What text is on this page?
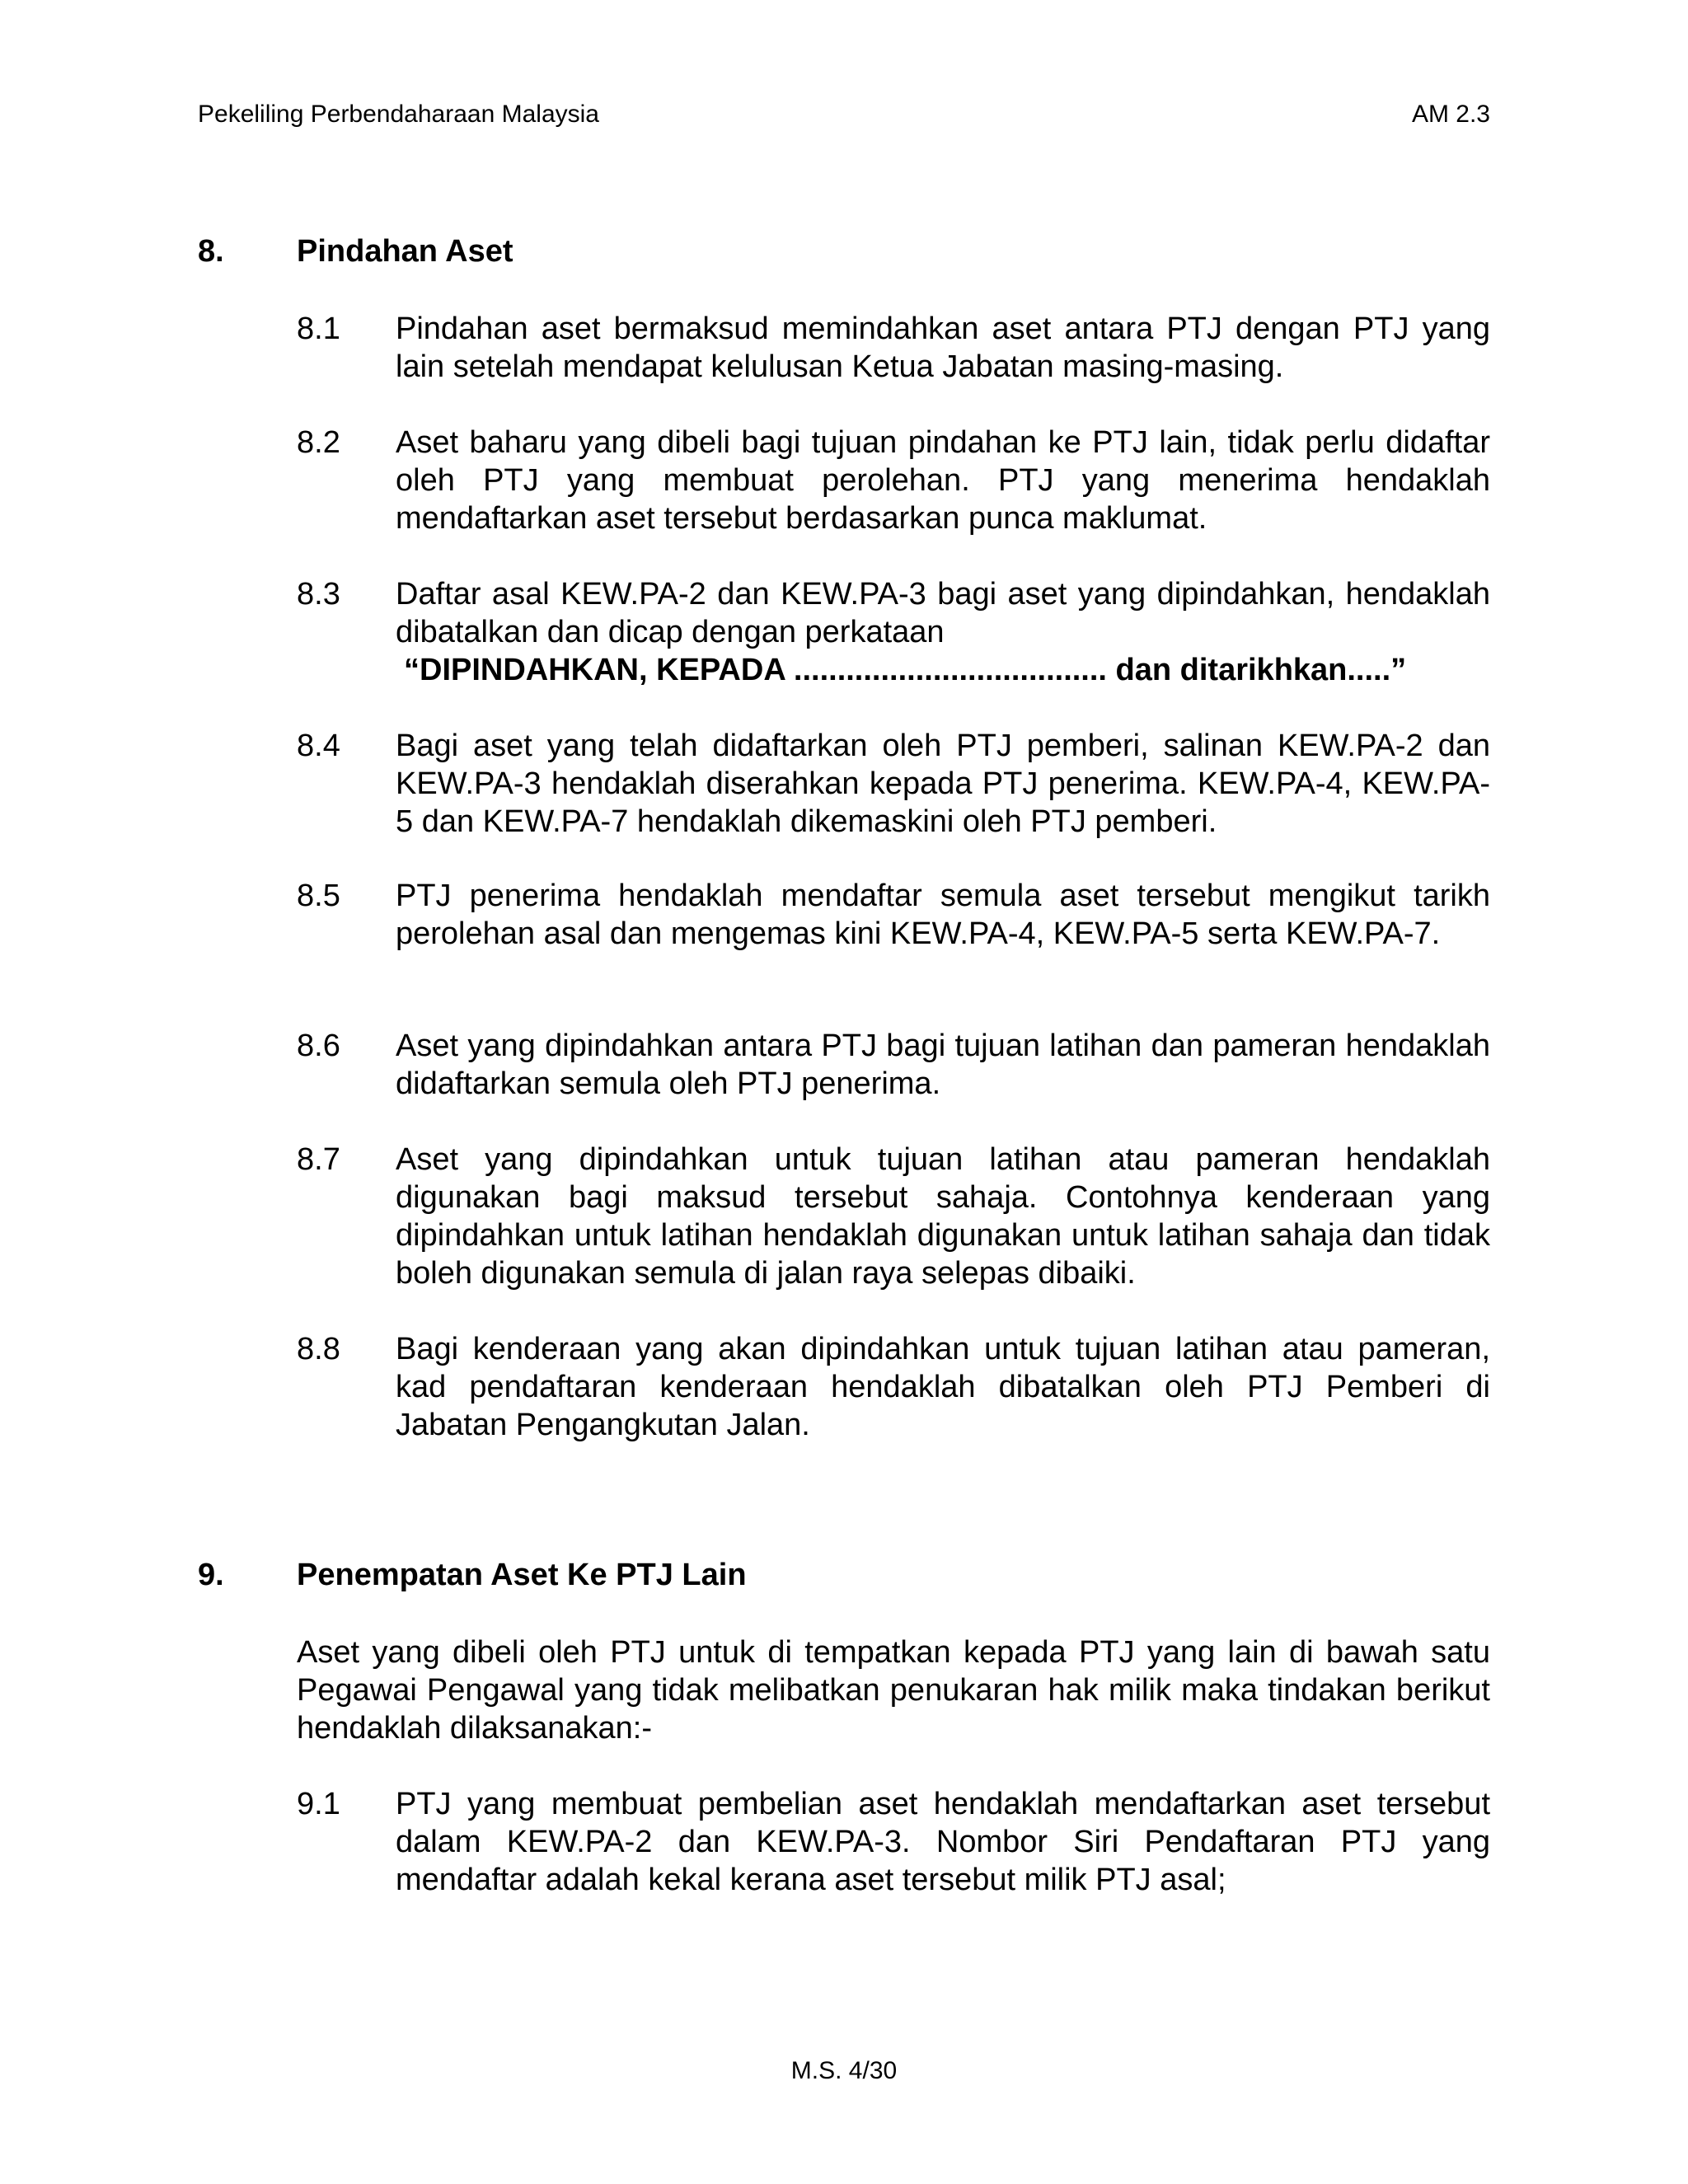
Pekeliling Perbendaharaan Malaysia	AM 2.3
8.	Pindahan Aset
8.1	Pindahan aset bermaksud memindahkan aset antara PTJ dengan PTJ yang lain setelah mendapat kelulusan Ketua Jabatan masing-masing.
8.2	Aset baharu yang dibeli bagi tujuan pindahan ke PTJ lain, tidak perlu didaftar oleh PTJ yang membuat perolehan. PTJ yang menerima hendaklah mendaftarkan aset tersebut berdasarkan punca maklumat.
8.3	Daftar asal KEW.PA-2 dan KEW.PA-3 bagi aset yang dipindahkan, hendaklah dibatalkan dan dicap dengan perkataan
“DIPINDAHKAN, KEPADA .................................... dan ditarikhkan.....”
8.4	Bagi aset yang telah didaftarkan oleh PTJ pemberi, salinan KEW.PA-2 dan KEW.PA-3 hendaklah diserahkan kepada PTJ penerima. KEW.PA-4, KEW.PA-5 dan KEW.PA-7 hendaklah dikemaskini oleh PTJ pemberi.
8.5	PTJ penerima hendaklah mendaftar semula aset tersebut mengikut tarikh perolehan asal dan mengemas kini KEW.PA-4, KEW.PA-5 serta KEW.PA-7.
8.6	Aset yang dipindahkan antara PTJ bagi tujuan latihan dan pameran hendaklah didaftarkan semula oleh PTJ penerima.
8.7	Aset yang dipindahkan untuk tujuan latihan atau pameran hendaklah digunakan bagi maksud tersebut sahaja. Contohnya kenderaan yang dipindahkan untuk latihan hendaklah digunakan untuk latihan sahaja dan tidak boleh digunakan semula di jalan raya selepas dibaiki.
8.8	Bagi kenderaan yang akan dipindahkan untuk tujuan latihan atau pameran, kad pendaftaran kenderaan hendaklah dibatalkan oleh PTJ Pemberi di Jabatan Pengangkutan Jalan.
9.	Penempatan Aset Ke PTJ Lain
Aset yang dibeli oleh PTJ untuk di tempatkan kepada PTJ yang lain di bawah satu Pegawai Pengawal yang tidak melibatkan penukaran hak milik maka tindakan berikut hendaklah dilaksanakan:-
9.1	PTJ yang membuat pembelian aset hendaklah mendaftarkan aset tersebut dalam KEW.PA-2 dan KEW.PA-3. Nombor Siri Pendaftaran PTJ yang mendaftar adalah kekal kerana aset tersebut milik PTJ asal;
M.S. 4/30
